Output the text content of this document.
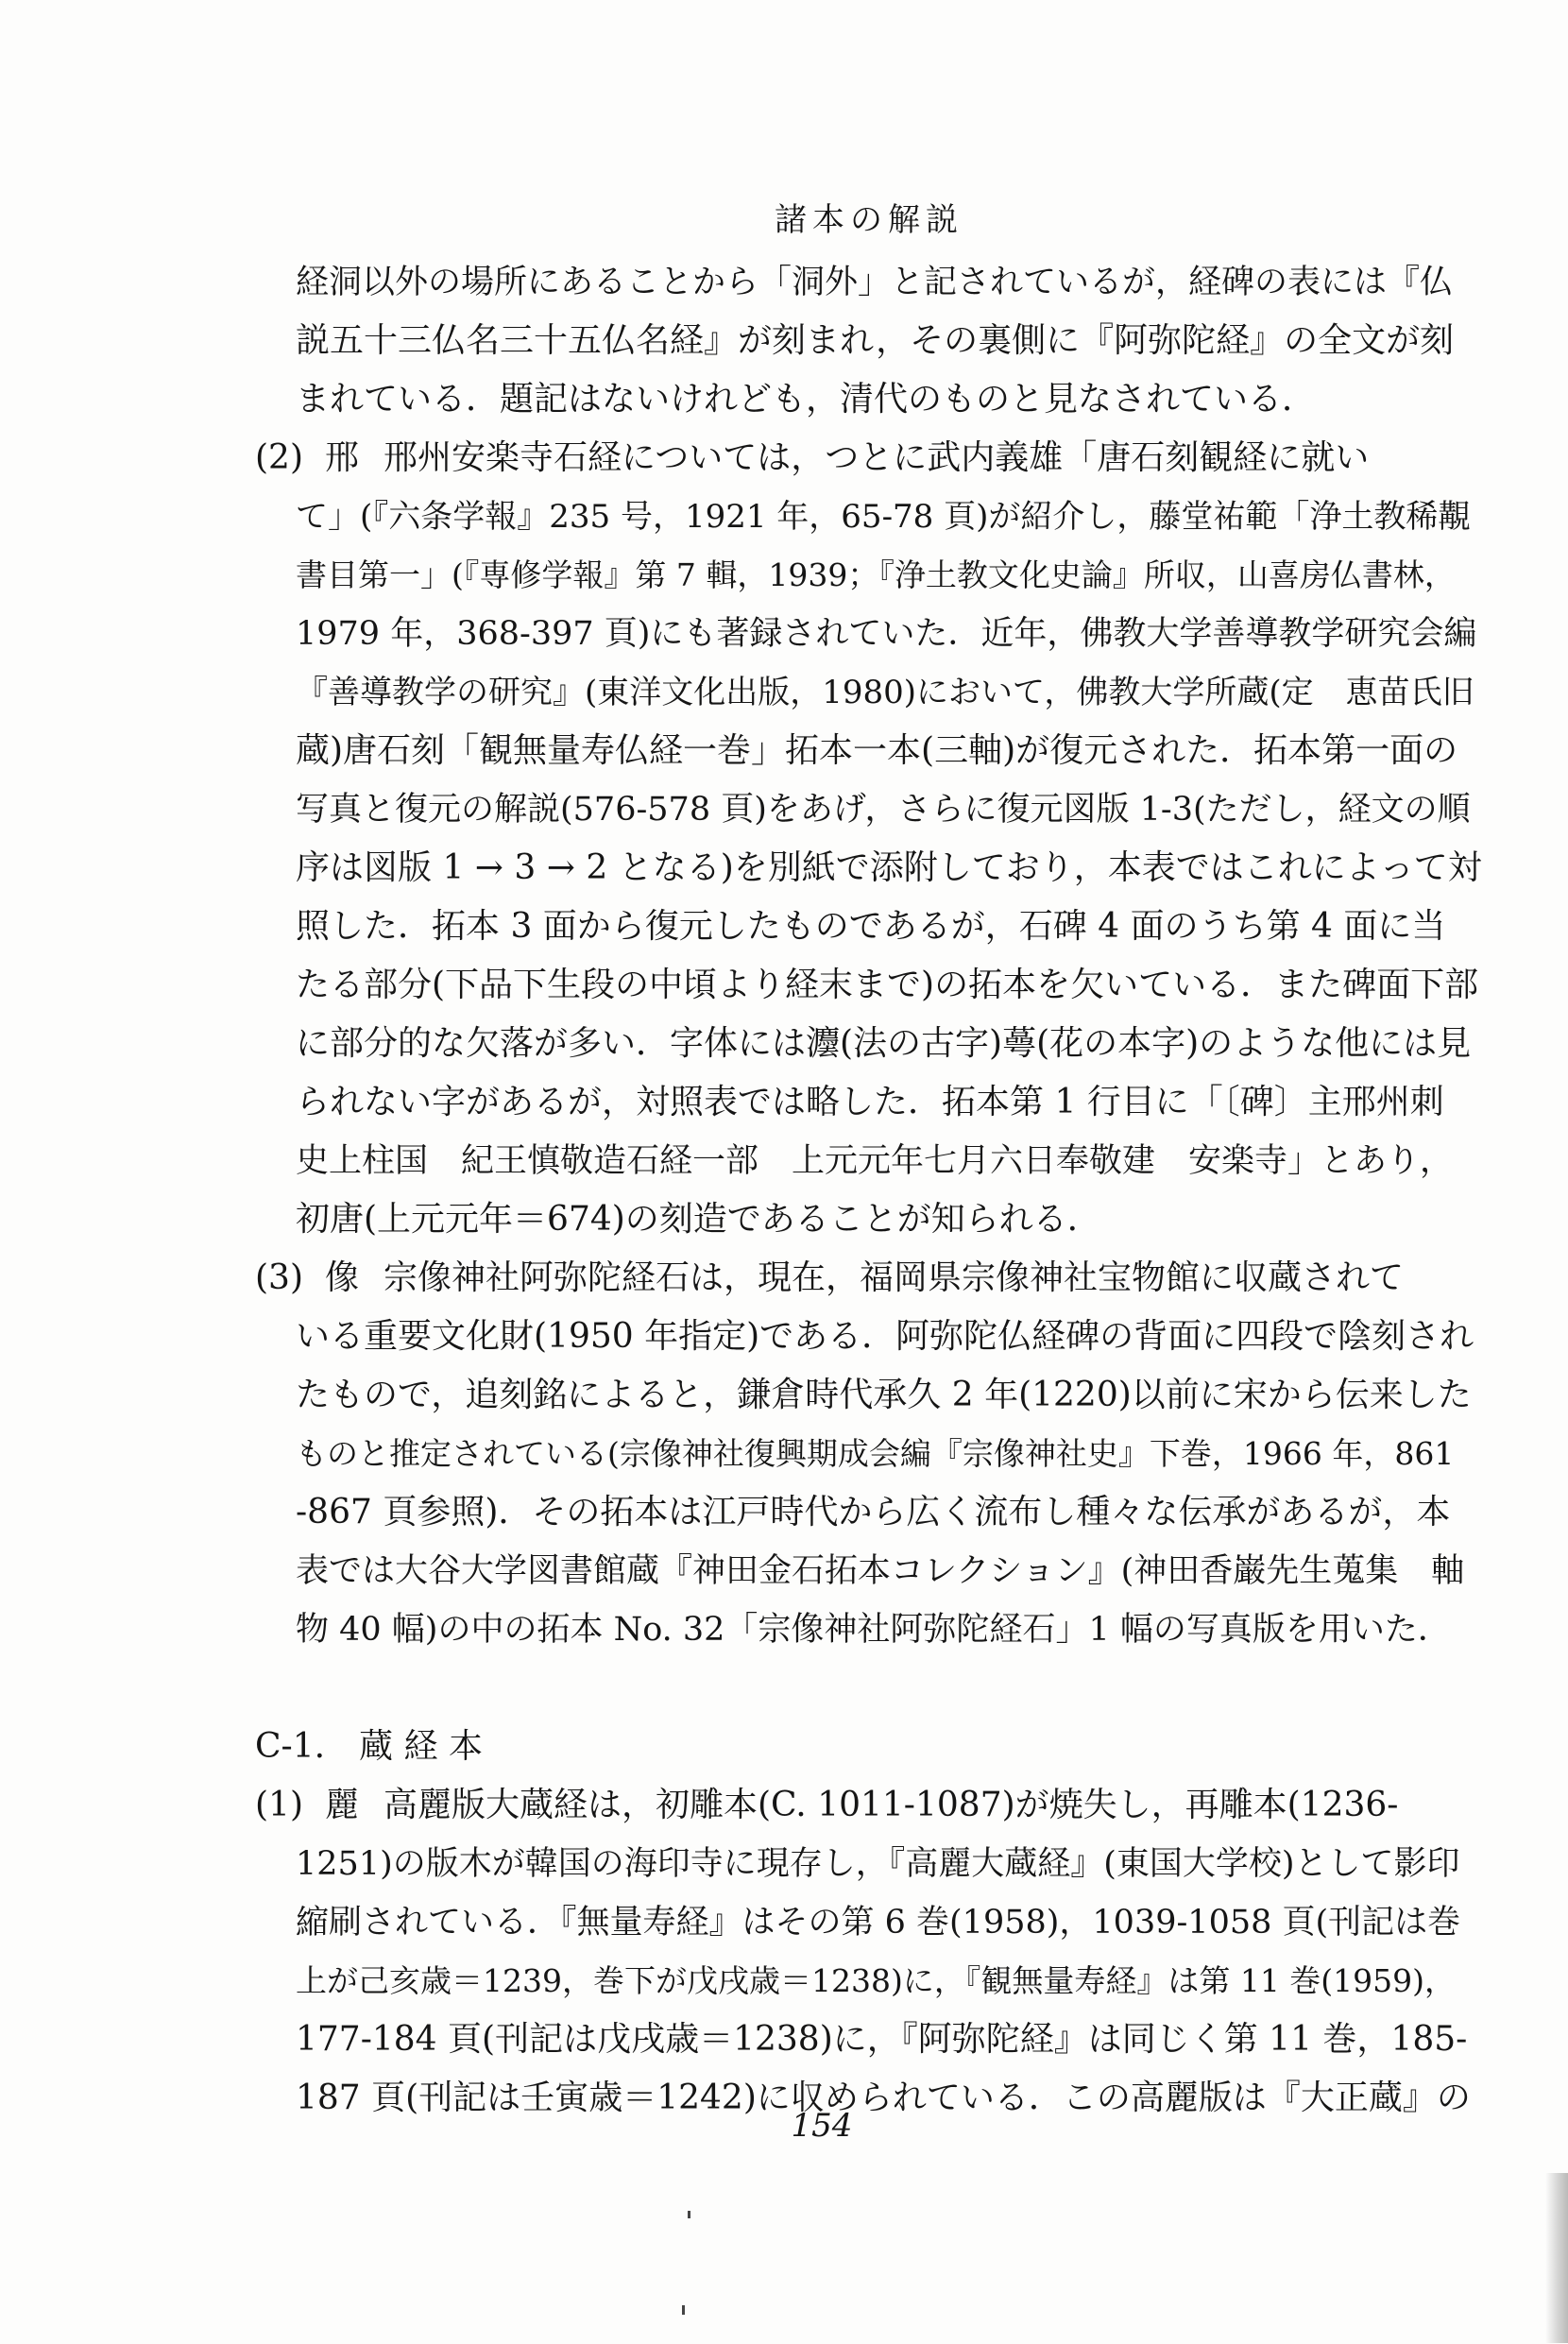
諸本の解説
経洞以外の場所にあることから「洞外」と記されているが，経碑の表には『仏
説五十三仏名三十五仏名経』が刻まれ，その裏側に『阿弥陀経』の全文が刻
まれている．題記はないけれども，清代のものと見なされている．
(2) 邢 邢州安楽寺石経については，つとに武内義雄「唐石刻観経に就い
て」(『六条学報』235 号，1921 年，65-78 頁)が紹介し，藤堂祐範「浄土教稀覯
書目第一」(『専修学報』第 7 輯，1939；『浄土教文化史論』所収，山喜房仏書林，
1979 年，368-397 頁)にも著録されていた．近年，佛教大学善導教学研究会編
『善導教学の研究』(東洋文化出版，1980)において，佛教大学所蔵(定　恵苗氏旧
蔵)唐石刻「観無量寿仏経一巻」拓本一本(三軸)が復元された．拓本第一面の
写真と復元の解説(576-578 頁)をあげ，さらに復元図版 1-3(ただし，経文の順
序は図版 1 → 3 → 2 となる)を別紙で添附しており，本表ではこれによって対
照した．拓本 3 面から復元したものであるが，石碑 4 面のうち第 4 面に当
たる部分(下品下生段の中頃より経末まで)の拓本を欠いている．また碑面下部
に部分的な欠落が多い．字体には灋(法の古字)蕚(花の本字)のような他には見
られない字があるが，対照表では略した．拓本第 1 行目に「〔碑〕主邢州刺
史上柱国　紀王慎敬造石経一部　上元元年七月六日奉敬建　安楽寺」とあり，
初唐(上元元年＝674)の刻造であることが知られる．
(3) 像 宗像神社阿弥陀経石は，現在，福岡県宗像神社宝物館に収蔵されて
いる重要文化財(1950 年指定)である．阿弥陀仏経碑の背面に四段で陰刻され
たもので，追刻銘によると，鎌倉時代承久 2 年(1220)以前に宋から伝来した
ものと推定されている(宗像神社復興期成会編『宗像神社史』下巻，1966 年，861
-867 頁参照)．その拓本は江戸時代から広く流布し種々な伝承があるが，本
表では大谷大学図書館蔵『神田金石拓本コレクション』(神田香巌先生蒐集　軸
物 40 幅)の中の拓本 No. 32「宗像神社阿弥陀経石」1 幅の写真版を用いた．
C-1.　蔵 経 本
(1) 麗 高麗版大蔵経は，初雕本(C. 1011-1087)が焼失し，再雕本(1236-
1251)の版木が韓国の海印寺に現存し，『高麗大蔵経』(東国大学校)として影印
縮刷されている．『無量寿経』はその第 6 巻(1958)，1039-1058 頁(刊記は巻
上が己亥歳＝1239，巻下が戊戌歳＝1238)に，『観無量寿経』は第 11 巻(1959)，
177-184 頁(刊記は戊戌歳＝1238)に，『阿弥陀経』は同じく第 11 巻，185-
187 頁(刊記は壬寅歳＝1242)に収められている．この高麗版は『大正蔵』の
154
